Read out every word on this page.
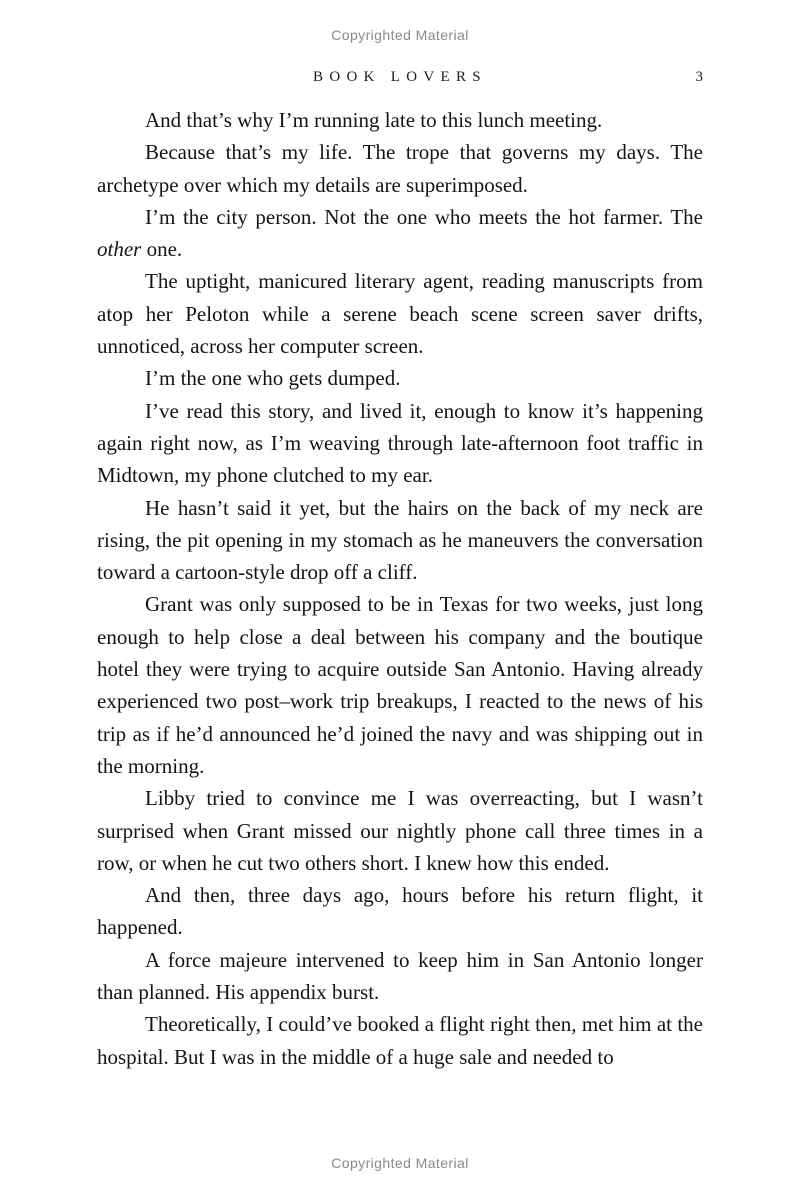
Copyrighted Material
BOOK LOVERS	3

And that’s why I’m running late to this lunch meeting.

Because that’s my life. The trope that governs my days. The archetype over which my details are superimposed.

I’m the city person. Not the one who meets the hot farmer. The other one.

The uptight, manicured literary agent, reading manuscripts from atop her Peloton while a serene beach scene screen saver drifts, unnoticed, across her computer screen.

I’m the one who gets dumped.

I’ve read this story, and lived it, enough to know it’s happening again right now, as I’m weaving through late-afternoon foot traffic in Midtown, my phone clutched to my ear.

He hasn’t said it yet, but the hairs on the back of my neck are rising, the pit opening in my stomach as he maneuvers the conversation toward a cartoon-style drop off a cliff.

Grant was only supposed to be in Texas for two weeks, just long enough to help close a deal between his company and the boutique hotel they were trying to acquire outside San Antonio. Having already experienced two post–work trip breakups, I reacted to the news of his trip as if he’d announced he’d joined the navy and was shipping out in the morning.

Libby tried to convince me I was overreacting, but I wasn’t surprised when Grant missed our nightly phone call three times in a row, or when he cut two others short. I knew how this ended.

And then, three days ago, hours before his return flight, it happened.

A force majeure intervened to keep him in San Antonio longer than planned. His appendix burst.

Theoretically, I could’ve booked a flight right then, met him at the hospital. But I was in the middle of a huge sale and needed to

Copyrighted Material
